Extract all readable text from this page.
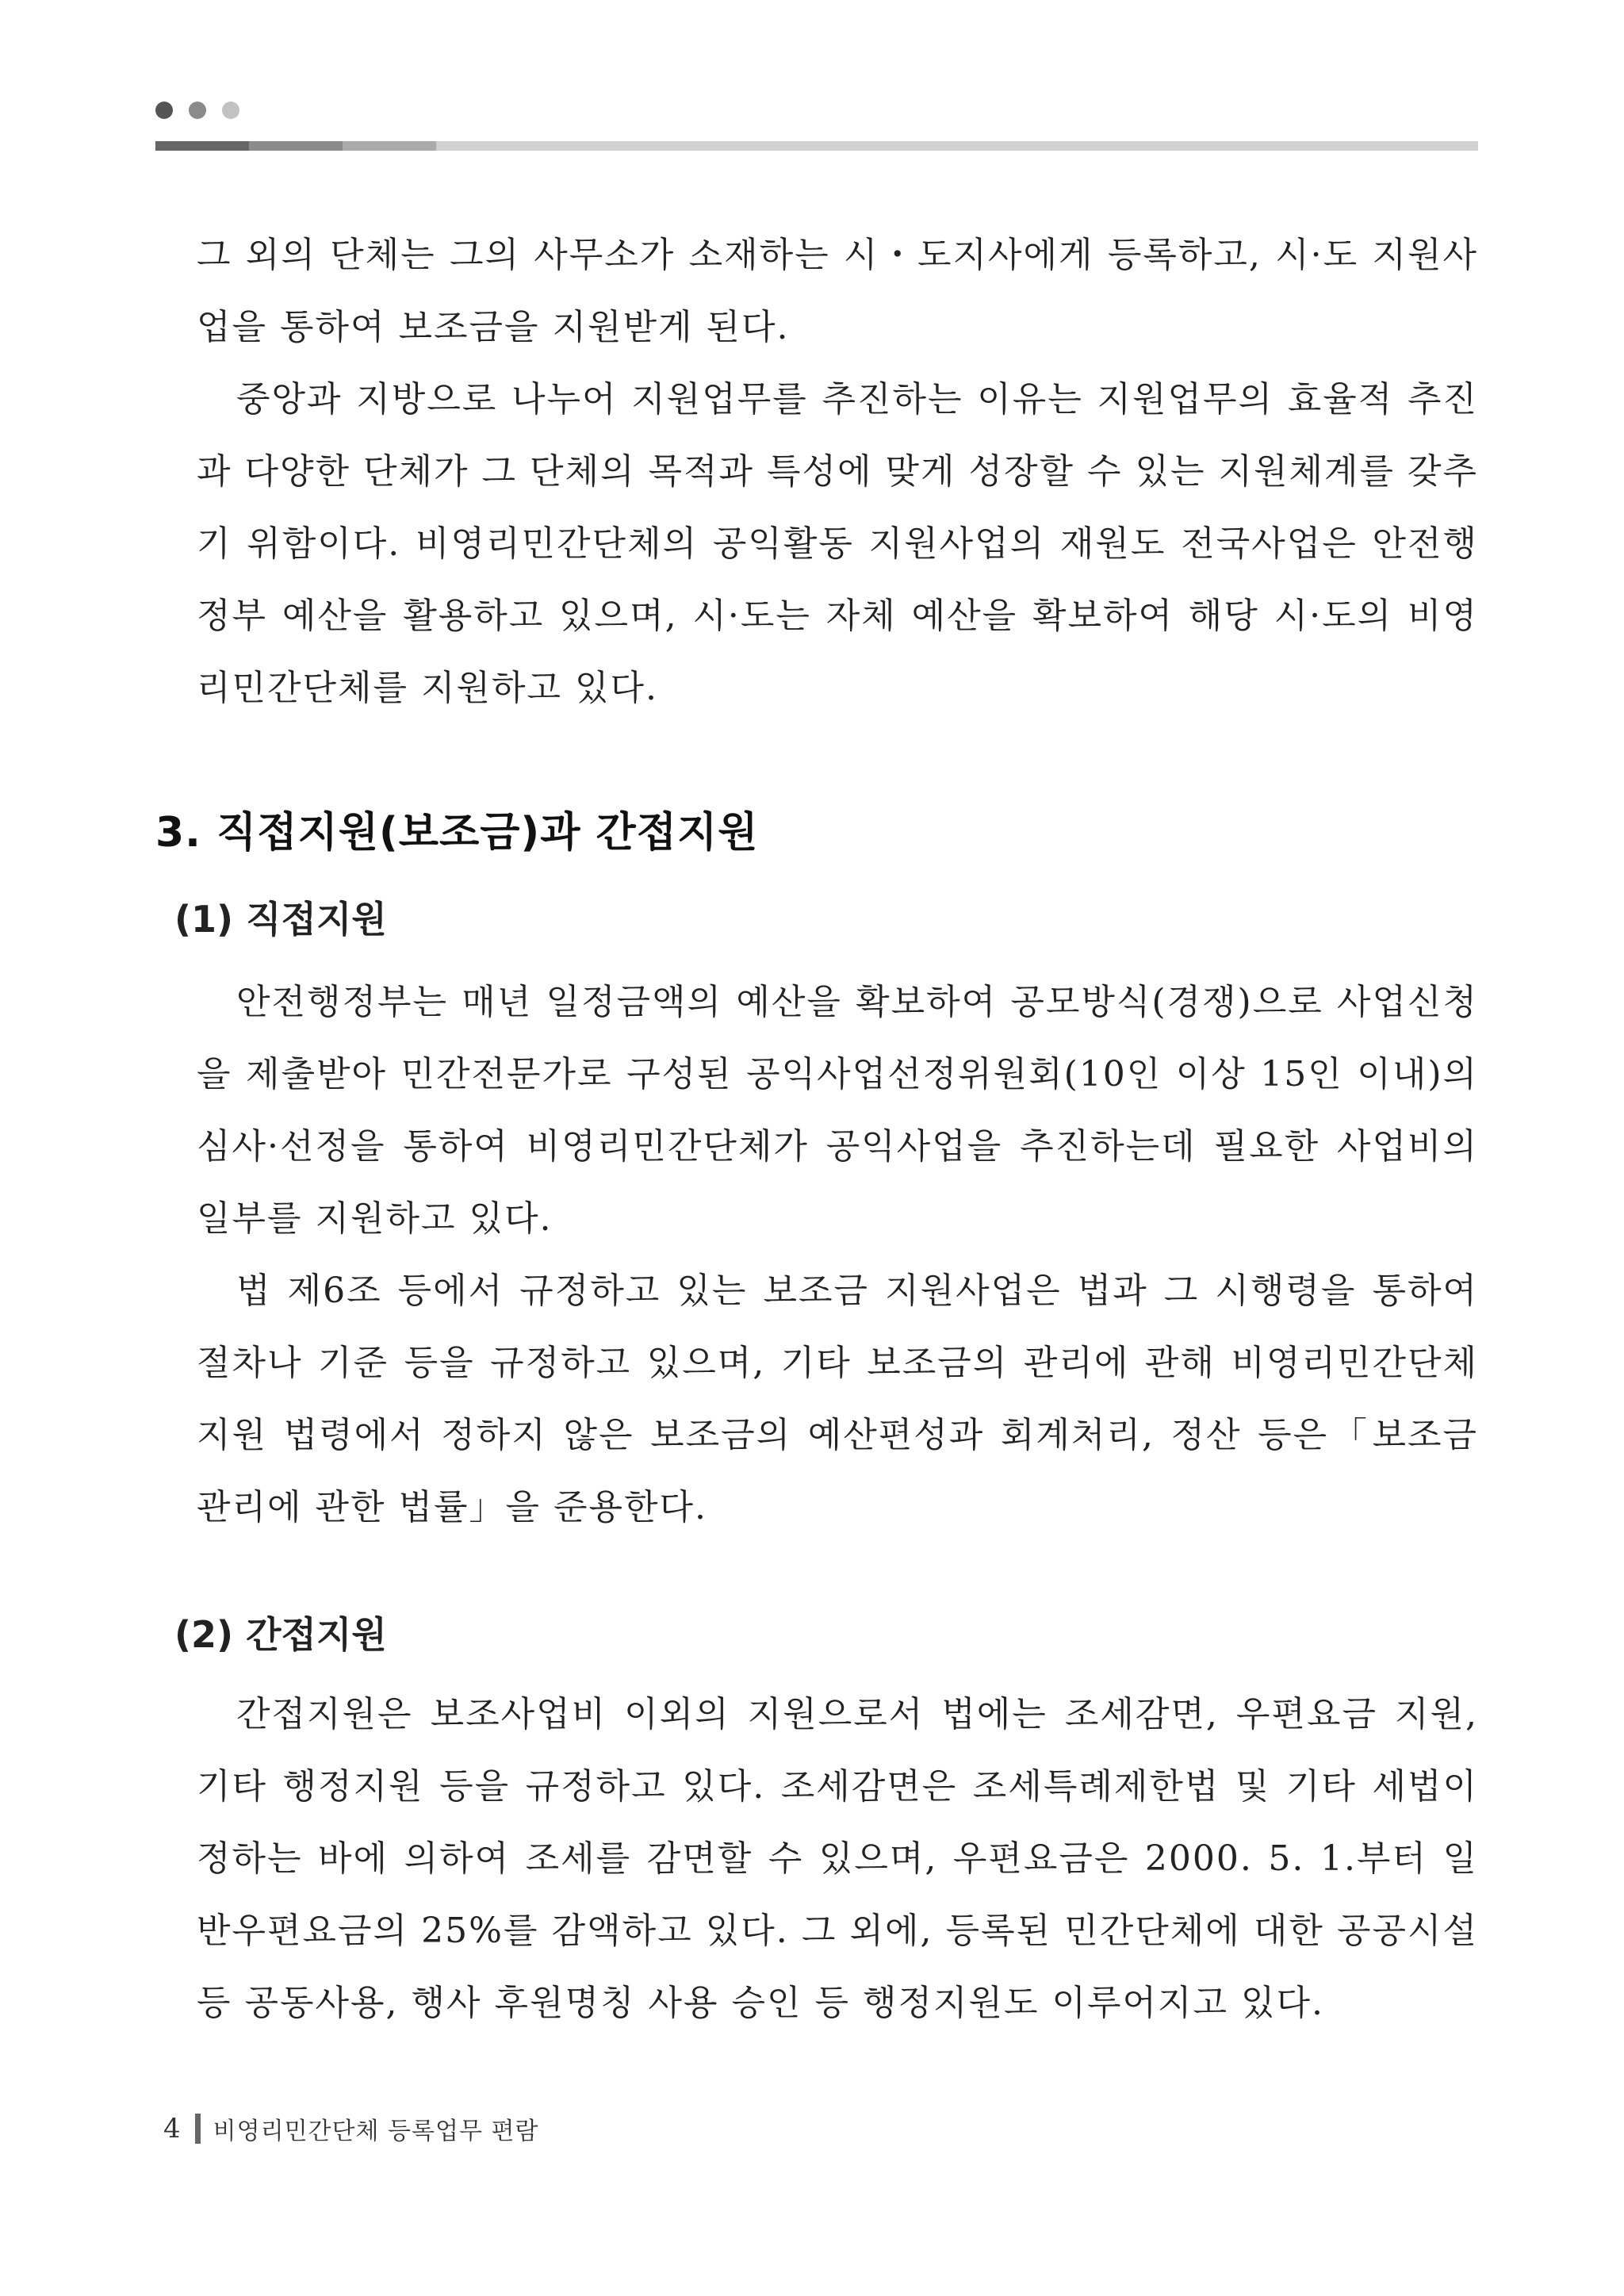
그 외의 단체는 그의 사무소가 소재하는 시・도지사에게 등록하고, 시·도 지원사업을 통하여 보조금을 지원받게 된다.

중앙과 지방으로 나누어 지원업무를 추진하는 이유는 지원업무의 효율적 추진과 다양한 단체가 그 단체의 목적과 특성에 맞게 성장할 수 있는 지원체계를 갖추기 위함이다. 비영리민간단체의 공익활동 지원사업의 재원도 전국사업은 안전행정부 예산을 활용하고 있으며, 시·도는 자체 예산을 확보하여 해당 시·도의 비영리민간단체를 지원하고 있다.

3. 직접지원(보조금)과 간접지원
(1) 직접지원

안전행정부는 매년 일정금액의 예산을 확보하여 공모방식(경쟁)으로 사업신청을 제출받아 민간전문가로 구성된 공익사업선정위원회(10인 이상 15인 이내)의 심사·선정을 통하여 비영리민간단체가 공익사업을 추진하는데 필요한 사업비의 일부를 지원하고 있다.

법 제6조 등에서 규정하고 있는 보조금 지원사업은 법과 그 시행령을 통하여 절차나 기준 등을 규정하고 있으며, 기타 보조금의 관리에 관해 비영리민간단체 지원 법령에서 정하지 않은 보조금의 예산편성과 회계처리, 정산 등은「보조금 관리에 관한 법률」을 준용한다.

(2) 간접지원

간접지원은 보조사업비 이외의 지원으로서 법에는 조세감면, 우편요금 지원, 기타 행정지원 등을 규정하고 있다. 조세감면은 조세특례제한법 및 기타 세법이 정하는 바에 의하여 조세를 감면할 수 있으며, 우편요금은 2000. 5. 1.부터 일반우편요금의 25%를 감액하고 있다. 그 외에, 등록된 민간단체에 대한 공공시설 등 공동사용, 행사 후원명칭 사용 승인 등 행정지원도 이루어지고 있다.

4 비영리민간단체 등록업무 편람
